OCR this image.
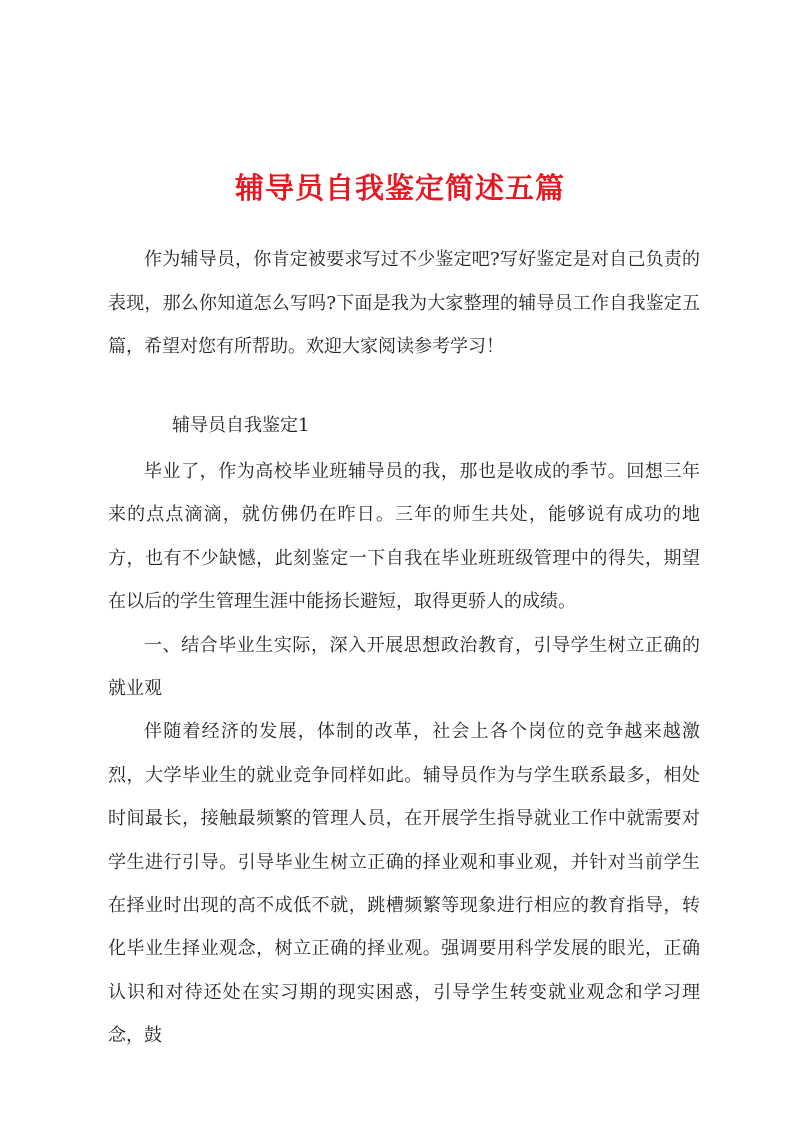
辅导员自我鉴定简述五篇

作为辅导员，你肯定被要求写过不少鉴定吧?写好鉴定是对自己负责的表现，那么你知道怎么写吗?下面是我为大家整理的辅导员工作自我鉴定五篇，希望对您有所帮助。欢迎大家阅读参考学习！

辅导员自我鉴定1

毕业了，作为高校毕业班辅导员的我，那也是收成的季节。回想三年来的点点滴滴，就仿佛仍在昨日。三年的师生共处，能够说有成功的地方，也有不少缺憾，此刻鉴定一下自我在毕业班班级管理中的得失，期望在以后的学生管理生涯中能扬长避短，取得更骄人的成绩。

一、结合毕业生实际，深入开展思想政治教育，引导学生树立正确的就业观

伴随着经济的发展，体制的改革，社会上各个岗位的竞争越来越激烈，大学毕业生的就业竞争同样如此。辅导员作为与学生联系最多，相处时间最长，接触最频繁的管理人员，在开展学生指导就业工作中就需要对学生进行引导。引导毕业生树立正确的择业观和事业观，并针对当前学生在择业时出现的高不成低不就，跳槽频繁等现象进行相应的教育指导，转化毕业生择业观念，树立正确的择业观。强调要用科学发展的眼光，正确认识和对待还处在实习期的现实困惑，引导学生转变就业观念和学习理念，鼓
